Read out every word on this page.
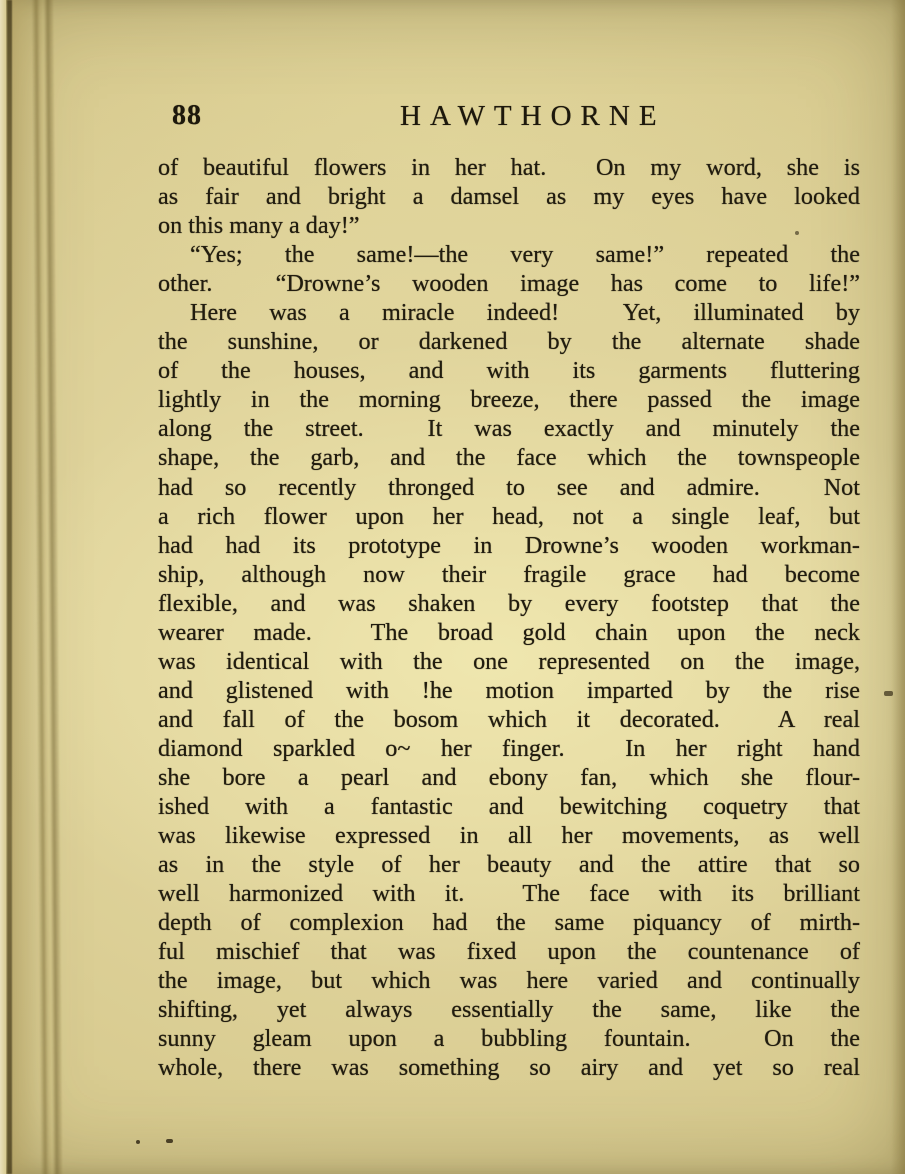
88	HAWTHORNE
of beautiful flowers in her hat.  On my word, she is
as fair and bright a damsel as my eyes have looked
on this many a day!”
“Yes; the same!—the very same!” repeated the
other.  “Drowne’s wooden image has come to life!”
Here was a miracle indeed!  Yet, illuminated by
the sunshine, or darkened by the alternate shade
of the houses, and with its garments fluttering
lightly in the morning breeze, there passed the image
along the street.  It was exactly and minutely the
shape, the garb, and the face which the townspeople
had so recently thronged to see and admire.  Not
a rich flower upon her head, not a single leaf, but
had had its prototype in Drowne’s wooden workman-
ship, although now their fragile grace had become
flexible, and was shaken by every footstep that the
wearer made.  The broad gold chain upon the neck
was identical with the one represented on the image,
and glistened with !he motion imparted by the rise
and fall of the bosom which it decorated.  A real
diamond sparkled o~ her finger.  In her right hand
she bore a pearl and ebony fan, which she flour-
ished with a fantastic and bewitching coquetry that
was likewise expressed in all her movements, as well
as in the style of her beauty and the attire that so
well harmonized with it.  The face with its brilliant
depth of complexion had the same piquancy of mirth-
ful mischief that was fixed upon the countenance of
the image, but which was here varied and continually
shifting, yet always essentially the same, like the
sunny gleam upon a bubbling fountain.  On the
whole, there was something so airy and yet so real
